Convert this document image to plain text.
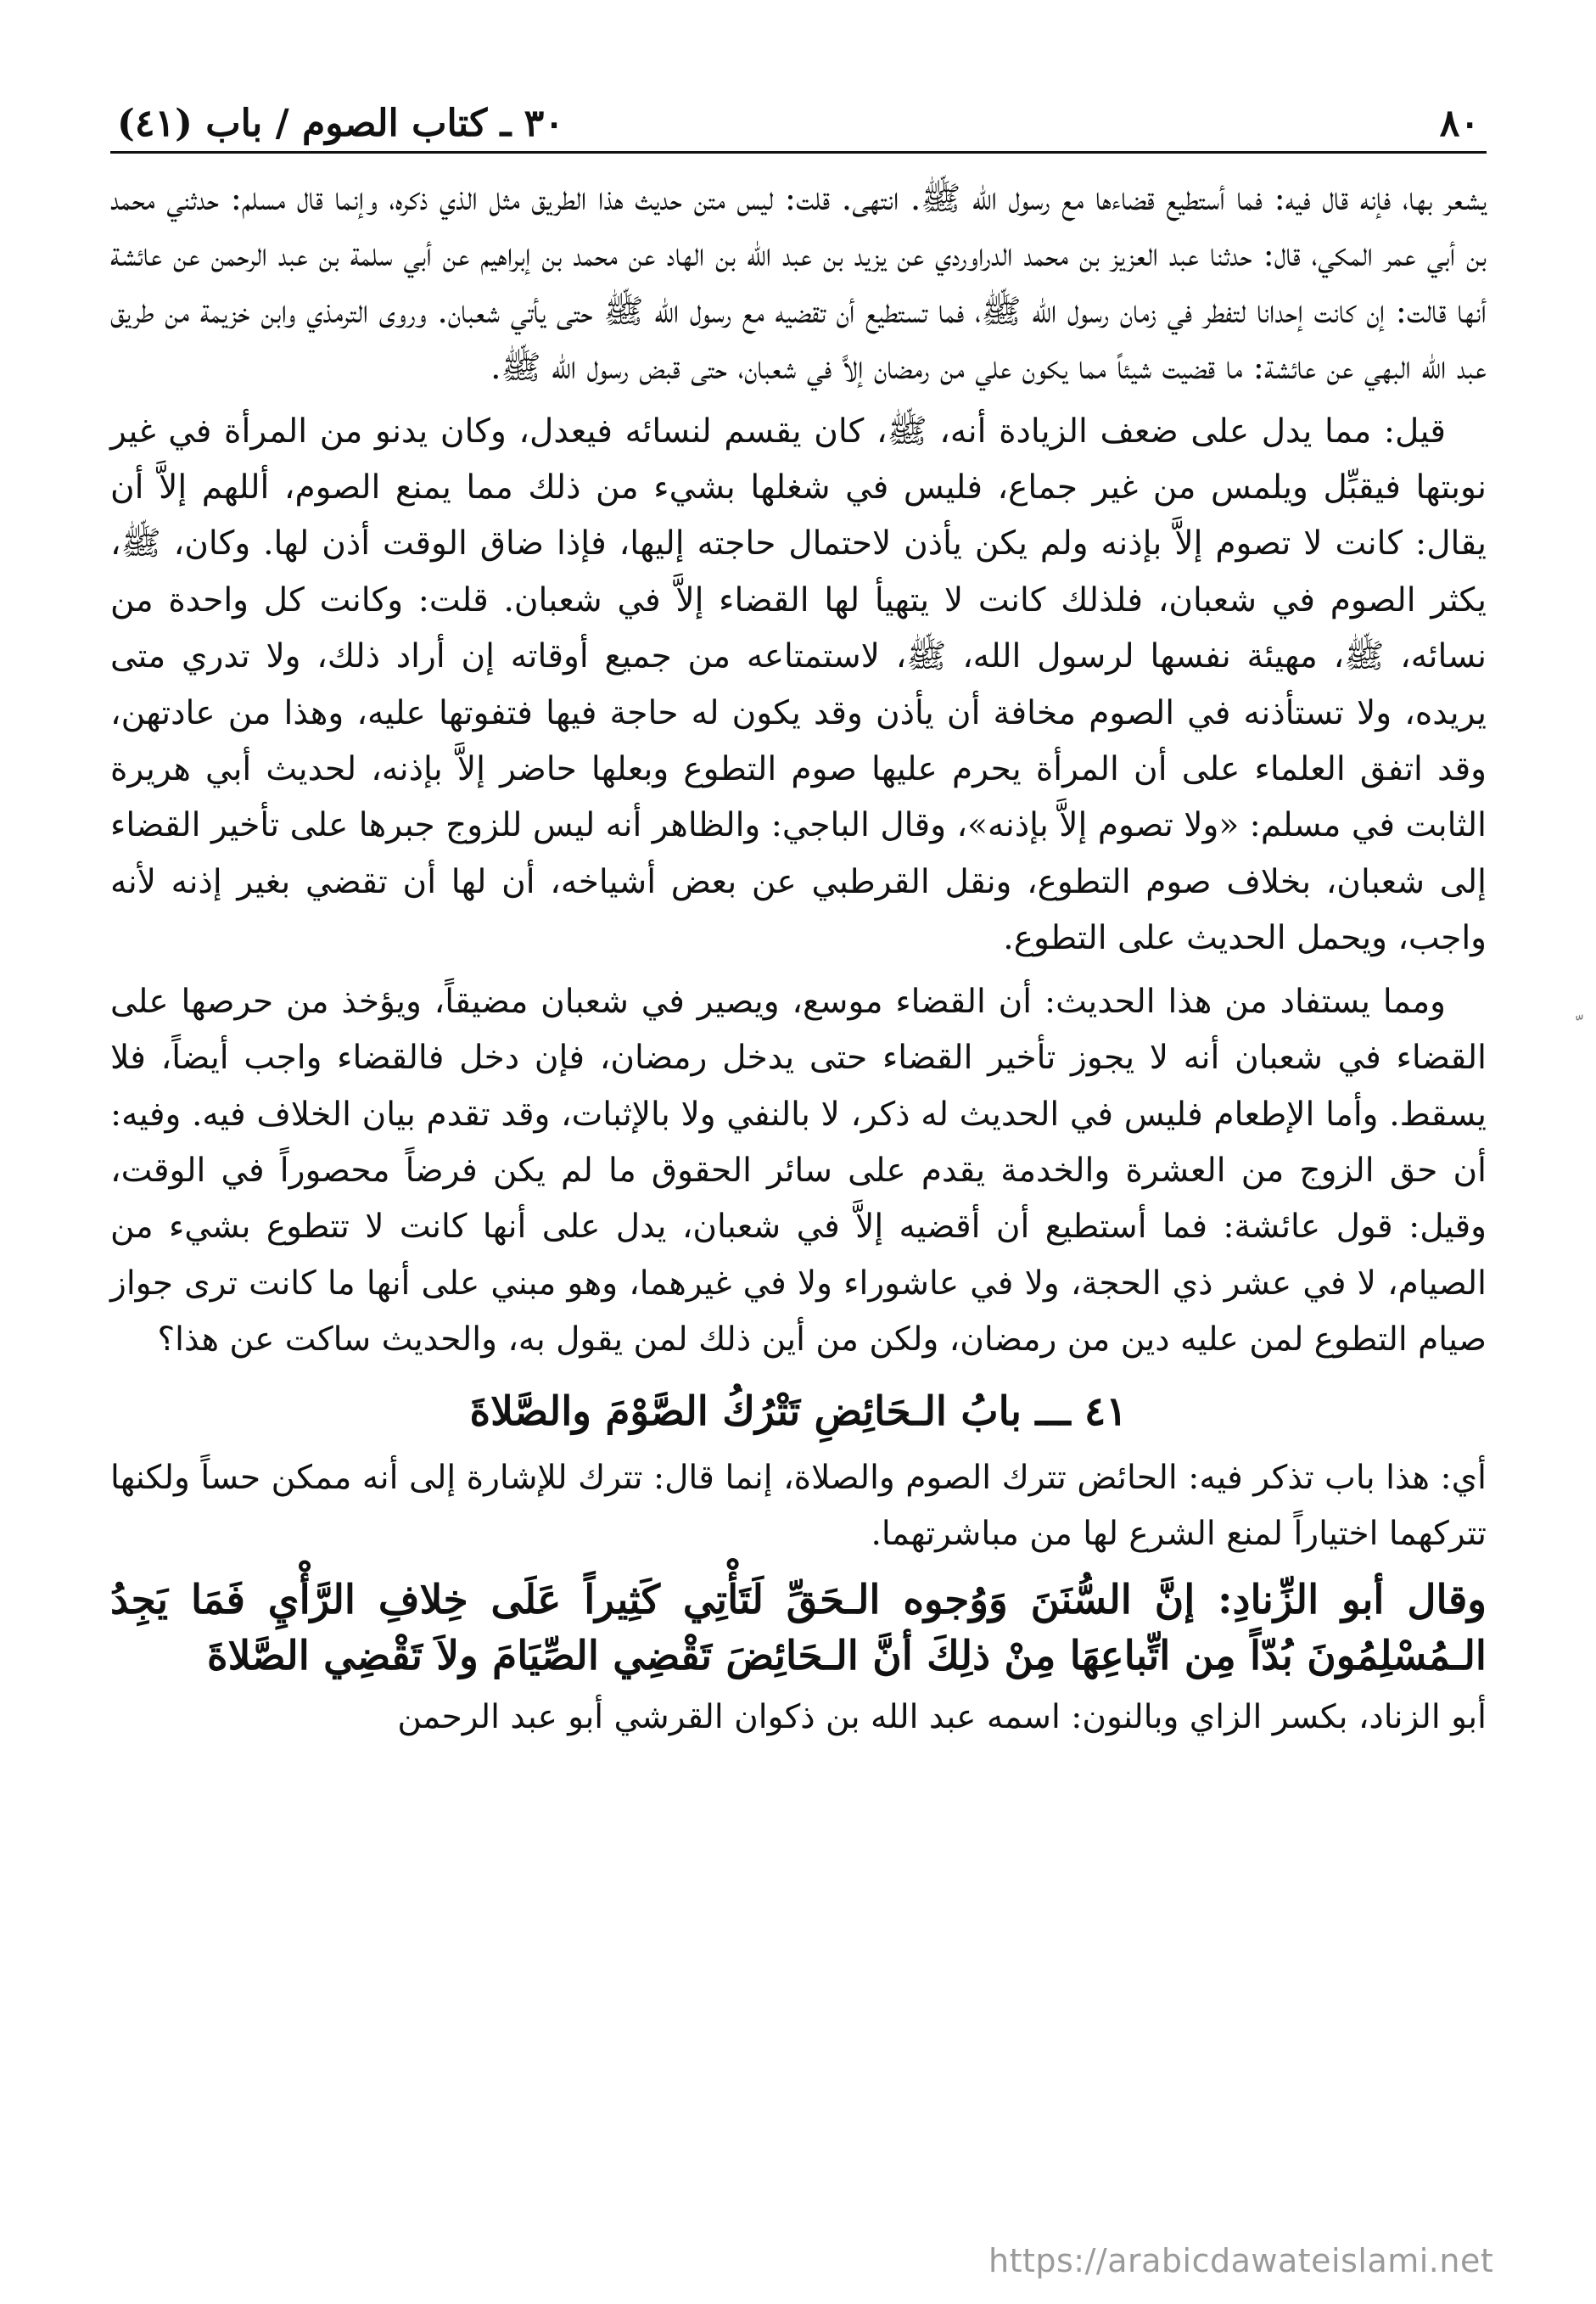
٨٠
٣٠ ـ كتاب الصوم / باب (٤١)

يشعر بها، فإنه قال فيه: فما أستطيع قضاءها مع رسول الله ﷺ. انتهى. قلت: ليس متن حديث هذا الطريق مثل الذي ذكره، وإنما قال مسلم: حدثني محمد بن أبي عمر المكي، قال: حدثنا عبد العزيز بن محمد الدراوردي عن يزيد بن عبد الله بن الهاد عن محمد بن إبراهيم عن أبي سلمة بن عبد الرحمن عن عائشة أنها قالت: إن كانت إحدانا لتفطر في زمان رسول الله ﷺ، فما تستطيع أن تقضيه مع رسول الله ﷺ حتى يأتي شعبان. وروى الترمذي وابن خزيمة من طريق عبد الله البهي عن عائشة: ما قضيت شيئاً مما يكون علي من رمضان إلاَّ في شعبان، حتى قبض رسول الله ﷺ.

قيل: مما يدل على ضعف الزيادة أنه، ﷺ، كان يقسم لنسائه فيعدل، وكان يدنو من المرأة في غير نوبتها فيقبِّل ويلمس من غير جماع، فليس في شغلها بشيء من ذلك مما يمنع الصوم، أللهم إلاَّ أن يقال: كانت لا تصوم إلاَّ بإذنه ولم يكن يأذن لاحتمال حاجته إليها، فإذا ضاق الوقت أذن لها. وكان، ﷺ، يكثر الصوم في شعبان، فلذلك كانت لا يتهيأ لها القضاء إلاَّ في شعبان. قلت: وكانت كل واحدة من نسائه، ﷺ، مهيئة نفسها لرسول الله، ﷺ، لاستمتاعه من جميع أوقاته إن أراد ذلك، ولا تدري متى يريده، ولا تستأذنه في الصوم مخافة أن يأذن وقد يكون له حاجة فيها فتفوتها عليه، وهذا من عادتهن، وقد اتفق العلماء على أن المرأة يحرم عليها صوم التطوع وبعلها حاضر إلاَّ بإذنه، لحديث أبي هريرة الثابت في مسلم: «ولا تصوم إلاَّ بإذنه»، وقال الباجي: والظاهر أنه ليس للزوج جبرها على تأخير القضاء إلى شعبان، بخلاف صوم التطوع، ونقل القرطبي عن بعض أشياخه، أن لها أن تقضي بغير إذنه لأنه واجب، ويحمل الحديث على التطوع.

ومما يستفاد من هذا الحديث: أن القضاء موسع، ويصير في شعبان مضيقاً، ويؤخذ من حرصها على القضاء في شعبان أنه لا يجوز تأخير القضاء حتى يدخل رمضان، فإن دخل فالقضاء واجب أيضاً، فلا يسقط. وأما الإطعام فليس في الحديث له ذكر، لا بالنفي ولا بالإثبات، وقد تقدم بيان الخلاف فيه. وفيه: أن حق الزوج من العشرة والخدمة يقدم على سائر الحقوق ما لم يكن فرضاً محصوراً في الوقت، وقيل: قول عائشة: فما أستطيع أن أقضيه إلاَّ في شعبان، يدل على أنها كانت لا تتطوع بشيء من الصيام، لا في عشر ذي الحجة، ولا في عاشوراء ولا في غيرهما، وهو مبني على أنها ما كانت ترى جواز صيام التطوع لمن عليه دين من رمضان، ولكن من أين ذلك لمن يقول به، والحديث ساكت عن هذا؟

٤١ ـــ بابُ الـحَائِضِ تَتْرُكُ الصَّوْمَ والصَّلاةَ

أي: هذا باب تذكر فيه: الحائض تترك الصوم والصلاة، إنما قال: تترك للإشارة إلى أنه ممكن حساً ولكنها تتركهما اختياراً لمنع الشرع لها من مباشرتهما.

وقال أبو الزِّنادِ: إنَّ السُّنَنَ وَوُجوه الـحَقِّ لَتَأْتِي كَثِيراً عَلَى خِلافِ الرَّأْيِ فَمَا يَجِدُ الـمُسْلِمُونَ بُدّاً مِن اتِّباعِهَا مِنْ ذلِكَ أنَّ الـحَائِضَ تَقْضِي الصِّيَامَ ولاَ تَقْضِي الصَّلاةَ

أبو الزناد، بكسر الزاي وبالنون: اسمه عبد الله بن ذكوان القرشي أبو عبد الرحمن

https://arabicdawateislami.net
